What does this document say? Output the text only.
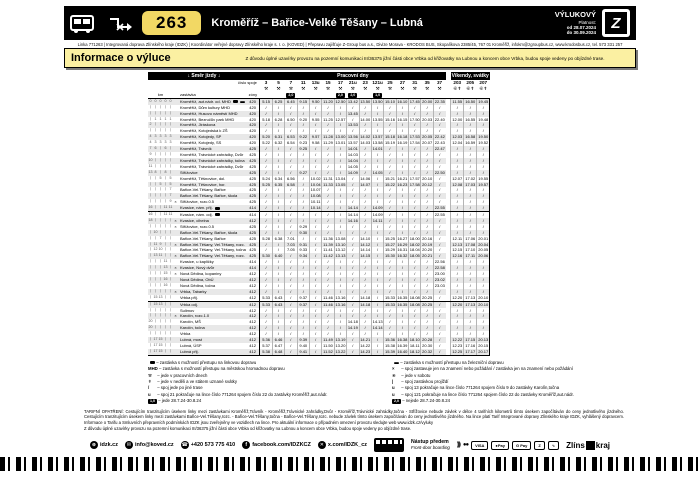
263	Kroměříž – Bařice-Velké Těšany – Lubná
VÝLUKOVÝ
Platnost:
od 28.07.2024
do 30.09.2024
Z
Linka 771263 | Integrovaná doprava Zlínského kraje (IDZK) | Koordinátor veřejné dopravy Zlínského kraje s. r. o. (KOVED) | Přepravu zajišťuje Z-Group bus a.s., Divize Morava - KRODOS BUS, Skopalíkova 2385/45, 767 01 Kroměříž, infokm@zgroupbus.cz, www.krodosbus.cz, tel. 573 331 257
Informace o výluce	Z důvodu úplné uzavírky provozu na pozemní komunikaci III/36375 jižní části obce Vrbka od křižovatky na Lubnou a koncem obce Vrbka, budou spoje vedeny po objízdné trase.
↓ Směr jízdy ↓								Pracovní dny																Víkendy, svátky		

číslo spoje								3	5	7	11	13u	15	17	21u	23	121u	25	27	31	35	37		203	205	207
								⚒	⚒	⚒	⚒	⚒	⚒	⚒	⚒	⚒	⚒	⚒	⚒	⚒	⚒	⚒		⑥✝	⑥✝	⑥✝
km						zastávka	zóny			2,0				2,0	2,0		1,0									
0	0	0	0	0		Kroměříž, aut.nádr. od. MHD	420	5.15	6.25	6.45	9.15	9.50	11.20	12.50	13.42	13.50	13.50	15.10	16.10	17.45	20.00	22.35		11.55	16.50	19.45
⟨	⟨	⟨	⟨	⟨		Kroměříž, Dům kultury MHD	420	/	/	/	/	/	/	/	/	/	/	/	/	/	/	/		/	/	/
⟨	⟨	⟨	⟨	⟨		Kroměříž, Husovo náměstí MHD	420	/	/	/	/	/	/	/	13.45	/	/	/	/	/	/	/		/	/	/
⟨	1	1	1	1		Kroměříž, Bezručův park MHD	420	5.18	6.28	6.50	9.20	9.55	11.25	12.57	/	14.00	13.55	15.16	16.15	17.50	20.03	22.40		12.00	16.55	19.48
2	⟨	⟨	⟨	⟨		Kroměříž, Jiráskova	420	/	/	/	/	/	/	/	13.53	/	/	/	/	/	/	/		/	/	/
⟨	⟨	⟨	⟨	⟨		Kroměříž, Kotojedská k ZŠ	420	/	/	/	/	/	/	/	/	/	/	/	/	/	/	/		/	/	/
4	3	3	3	3		Kroměříž, Kotojedy, SP	420	5.20	6.31	6.53	9.22	9.57	11.28	13.00	13.56	14.02	13.57	15.18	16.18	17.53	20.05	22.42		12.03	16.58	19.50
4	3	3	3	3		Kroměříž, Kotojedy, SS	420	5.22	6.32	6.54	9.23	9.58	11.29	13.01	13.57	14.03	13.58	15.19	16.19	17.54	20.07	22.43		12.04	16.59	19.52
7	6	⟨	6	⟨		Kroměříž, Trávník	425	/	/	/	9.25	/	/	/	14.01	/	14.01	/	/	/	/	22.47		/	/	/
9	⟨	⟨	⟨	⟨		Kroměříž, Trávnické zahrádky, Dvůr	425	/	/	/	/	/	/	/	14.03	/	/	/	/	/	/	/		/	/	/
10	⟨	⟨	⟨	⟨		Kroměříž, Trávnické zahrádky, točna	425	/	/	/	/	/	/	/	14.04	/	/	/	/	/	/	/		/	/	/
11	⟨	⟨	⟨	⟨		Kroměříž, Trávnické zahrádky, Dvůr	425	/	/	/	/	/	/	/	14.05	/	/	/	/	/	/	/		/	/	/
13	8	⟨	8	⟨		Střížovice	425	/	/	/	9.27	/	/	/	14.09	/	14.05	/	/	/	/	22.50		/	/	/
⟨	⟨	5	⟨	5		Kroměříž, Těšnovice, dol.	425	5.24	6.34	6.56	/	10.02	11.31	13.04	/	14.06	/	15.21	16.21	17.57	20.10	/		12.07	17.02	19.55
⟨	⟨	5	⟨	5		Kroměříž, Těšnovice, hor.	425	5.25	6.35	6.58	/	10.04	11.33	13.05	/	14.07	/	15.22	16.23	17.58	20.12	/		12.08	17.03	19.57
⟨	⟨	⟨	⟨	7		Bařice-Vel.Těšany, Bařice	425	/	/	/	/	10.07	/	/	/	/	/	/	/	/	/	/		/	/	/
⟨	⟨	⟨	⟨	7		Bařice-Vel.Těšany, Bařice, škola	425	/	/	/	/	10.08	/	/	/	/	/	/	/	/	/	/		/	/	/
⟨	⟨	⟨	⟨	9	×	Střížovice, rozc.0.5	425	/	/	/	/	10.11	/	/	/	/	/	/	/	/	/	/		/	/	/
16	⟨	⟨	11	11		Kvasice, nám. přij.	414	/	/	/	/	10.14	/	/	14.14	/	14.09	/	/	/	/	22.55		/	/	/
16	⟨	⟨	11	11		Kvasice, nám. odj.	414	/	/	/	/	/	/	/	14.14	/	14.09	/	/	/	/	22.55		/	/	/
18	⟨	⟨	⟨	⟨	×	Kvasice, cihelna	412	/	/	/	/	/	/	/	14.16	/	14.11	/	/	/	/	/		/	/	/
⟨	⟨	⟨	⟨	⟨	×	Střížovice, rozc.0.5	425	/	/	/	9.29	/	/	/	/	/	/	/	/	/	/	/		/	/	/
⟨	10	⟨	⟨	⟨		Bařice-Vel.Těšany, Bařice, škola	425	/	/	/	9.30	/	/	/	/	/	/	/	/	/	/	/		/	/	/
⟨	⟨	7	⟨	⟨		Bařice-Vel.Těšany, Bařice	425	5.28	6.38	7.01	/	/	11.36	13.08	/	14.10	/	15.25	16.27	18.00	20.16	/		12.11	17.06	20.01
⟨	11	9	⟨	⟨	×	Bařice-Vel.Těšany, Vel.Těšany, rozc.	425	/	/	7.03	9.31	/	11.39	13.10	/	14.12	/	15.27	16.29	18.02	20.19	/		12.13	17.08	20.04
⟨	12	10	⟨	⟨		Bařice-Vel.Těšany, Vel.Těšany, točna	425	/	/	7.05	9.33	/	11.41	13.12	/	14.14	/	15.29	16.31	18.04	20.20	/		12.15	17.10	20.05
⟨	13	11	⟨	⟨	×	Bařice-Vel.Těšany, Vel.Těšany, rozc.	425	5.30	6.40	/	9.34	/	11.42	13.13	/	14.15	/	15.30	16.32	18.05	20.21	/		12.16	17.11	20.06
⟨	⟨	⟨	11	⟨		Kvasice, u kapličky	414	/	/	/	/	/	/	/	/	/	/	/	/	/	/	22.56		/	/	/
⟨	⟨	⟨	13	⟨	×	Kvasice, Nový dvůr	414	/	/	/	/	/	/	/	/	/	/	/	/	/	/	22.58		/	/	/
⟨	⟨	⟨	15	⟨	×	Nová Dědina, kopaniny	412	/	/	/	/	/	/	/	/	/	/	/	/	/	/	23.00		/	/	/
⟨	⟨	⟨	16	⟨		Nová Dědina, ObÚ	412	/	/	/	/	/	/	/	/	/	/	/	/	/	/	23.02		/	/	/
⟨	⟨	⟨	16	⟨		Nová Dědina, točna	412	/	/	/	/	/	/	/	/	/	/	/	/	/	/	23.03		/	/	/
⟨	⟨	⟨	⟨	⟨	×	Vrbka, Tabarky	412	/	/	/	/	/	/	/	/	/	/	/	/	/	/	/		/	/	/
⟨	15	13	⟨	⟨		Vrbka přij.	412	5.33	6.43	/	9.37	/	11.46	13.16	/	14.18	/	15.33	16.35	18.08	20.25	/		12.20	17.13	20.10
⟨	15	13	⟨	⟨		Vrbka odj.	412	5.33	6.43	/	9.37	/	11.46	13.16	/	14.18	/	15.33	16.35	18.08	20.25	/		12.20	17.13	20.10
⟨	⟨	⟨	⟨	⟨		Sulimov	412	/	/	/	/	/	/	/	/	/	/	/	/	/	/	/		/	/	/
⟨	⟨	⟨	⟨	⟨	×	Karolín, rozc.1.0	412	/	/	/	/	/	/	/	/	/	/	/	/	/	/	/		/	/	/
20	⟨	⟨	⟨	⟨		Karolín, MŠ	412	/	/	/	/	/	/	/	14.18	/	14.13	/	/	/	/	/		/	/	/
20	⟨	⟨	⟨	⟨		Karolín, točna	412	/	/	/	/	/	/	/	14.19	/	14.14	/	/	/	/	/		/	/	/
⟨	⟨	⟨	⟨	⟨		Vrbka	412	/	/	/	/	/	/	/	/	/	/	/	/	/	/	/		/	/	/
⟨	17	15	⟨	⟨		Lubná, most	412	5.36	6.46	/	9.39	/	11.49	13.19	/	14.21	/	15.36	16.38	18.10	20.28	/		12.22	17.15	20.13
⟨	17	15	⟨	⟨		Lubná, ÚSP	412	5.37	6.47	/	9.40	/	11.50	13.20	/	14.22	/	15.38	16.39	18.11	20.30	/		12.23	17.16	20.15
⟨	17	15	⟨	⟨		Lubná přij.	412	5.38	6.48	/	9.41	/	11.52	13.22	/	14.23	/	15.39	16.40	18.12	20.32	/		12.25	17.17	20.17
– zastávka s možností přestupu na linkovou dopravu
MHD – zastávka s možností přestupu na městskou hromadnou dopravu
⚒ – jede v pracovních dnech
✝ – jede v neděli a ve státem uznané svátky
/ – spoj jede po jiné trase
u – spoj 21 pokračuje na lince číslo 771264 spojem číslo 22 do zastávky Kroměříž,aut.nádr.
1,0 – jede 28.7.24-30.8.24
– zastávka s možností přestupu na železniční dopravu
× – spoj zastavuje jen na znamení nebo požádání / zastávka jen na znamení nebo požádání
⑥ – jede v sobotu
| – spoj zastávkou projíždí
u – spoj 13 pokračuje na lince číslo 771264 spojem číslo 9 do zastávky Karolín,točna
u – spoj 121 pokračuje na lince číslo 771264 spojem číslo 22 do zastávky Kroměříž,aut.nádr.
2,0 – nejede 28.7.24-30.8.24

TARIFNÍ OPATŘENÍ: Cestujícím tranzitujícím úsekem linky mezi zastávkami Kroměříž,Trávník - Kroměříž,Trávnické zahrádky,Dvůr - Kroměříž,Trávnické zahrádky,točna - Střížovice nebude závlek v délce 4 tarifních kilometrů tímto úsekem započítáván do ceny jednotlivého jízdného. Cestujícím tranzitujícím úsekem linky mezi zastávkami Bařice-Vel.Těšany,rozc. - Bařice-Vel.Těšany,točna - Bařice-Vel.Těšany,rozc. nebude závlek tímto úsekem započítáván do ceny jednotlivého jízdného. Na lince platí Tarif Integrované dopravy Zlínského kraje IDZK, vyhlášený dopravcem. Informace o Tarifu a Smluvních přepravních podmínkách IDZK jsou zveřejněny ve vozidlech na lince. Pro aktuální informace o případném omezení provozu sledujte web www.idzk.cz/vyluky

Z důvodu úplné uzavírky provozu na pozemní komunikaci III/36375 jižní části obce Vrbka od křižovatky na Lubnou a koncem obce Vrbka, budou spoje vedeny po objízdné trase.

⊕ idzk.cz	✉ info@koved.cz ☎ +420 573 775 410	f facebook.com/IDZKCZ	✕ x.com/IDZK_cz	Nástup předem
Front-door boarding ))) ●●	VISA	●Pay	G Pay	Z	∿	Zlíns kraj
